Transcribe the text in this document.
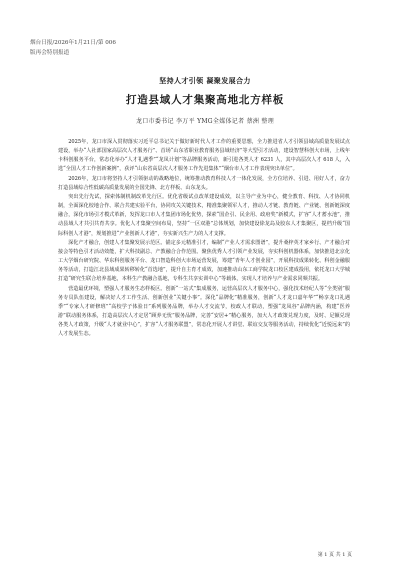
烟台日报/2026年1月21日/第 006
版再会特别报道
坚持人才引领 凝聚发展合力
打造县域人才集聚高地北方样板
龙口市委书记 李万平 YMG全媒体记者 蔡洲 整理

2025年，龙口市深入贯彻落实习近平总书记关于做好新时代人才工作的重要思想，全力推进省人才引领县域高质量发展试点建设，举办“人社部国家高层次人才服务行”、首场“山东省职业教育服务县域经济”等大型引才活动，建设智慧科创大市场，上线年卡科创服务平台，常态化举办“人才礼遇季”“龙凤计划”等品牌服务活动，新引进各类人才 6231 人，其中高层次人才 618 人，入选“全国人才工作创新案例”，获评“山东省高层次人才服务工作先进集体”“烟台市人才工作表现突出单位”。

2026年，龙口市将坚持人才引领驱动的战略地位，统筹推动教育科技人才一体化发展，全方位培养、引进、用好人才，奋力打造县域综合性低碳高质量发展的全国先锋、北方样板、山东龙头。

突出先行先试，探索体制机制改革先行区。优化省级试点改革建设成效，以主导产业为中心，健全教育、科技、人才协同机制，全面深化校地合作、联合共建实验平台，协同攻关关键技术，精准集聚领军人才，推动人才链、教育链、产业链、创新链深度融合，深化市场引才模式革新，发挥龙口市人才集团市场化优势，探索“国企引、民企用、政府奖”新模式，扩容“人才蓄水池”，推动县域人才共引共育共享。优化人才集聚空间布局，坚持“一区双港”总体规划，加快建设徐龙岛及胶东人才集聚区，提档升级“国际科创人才港”，规划推进“产业创新人才港”，夯实新兴生产力的人才支撑。

深化产才融合，创建人才集聚发展示范区。锚定多元精准引才，编制“产业人才需求图谱”，提升桑梓英才家乡行、产才融合对接会等特色引才活动效能，扩大科技副总、产教融合合作范围。聚焦优秀人才引领产业发展，夯实科创机器体系，加快推进北京化工大学烟台研究院、华东科创服务平台、龙口智造科创大市场运营发展，筹建“青年人才创业园”，开展科技成果转化、科创金融服务等活动，打造江北县域成果转移转化“首选地”，提升自主育才成效，加速推动山东工商学院龙口校区建成投用，依托龙口大学城打造“研究生联合培养基地，本科生产教融合基地，专科生共享实训中心”等载体，实现人才培养与产业需求同频共振。

营造最优环境，塑强人才服务生态样板区。创新“一站式”集成服务，运营高层次人才服务中心，强化技术经纪人等“全类别”服务专员队伍建设，解决好人才工作生活、创新创业“关键小事”。深化“品牌化”精准服务，创新“人才龙口嘉年华”“畅享龙口礼遇季”“专家人才研修班”“高校学子体验日”系列服务品牌，举办人才交流节，校政人才联动，塑强“龙凤谷”品牌内涵，构建“医养游”联动服务体系，打造高层次人才定居“顾养无忧”服务品牌，完善“安居+”精心服务，加大人才政策兑现力度，及时、足额兑现各类人才政策，升级“人才就业中心”，扩容“人才服务联盟”，常态化开展人才讲堂、联谊交友等服务活动，持续优化“近悦远来”的人才发展生态。

第 1 页 共 1 页
